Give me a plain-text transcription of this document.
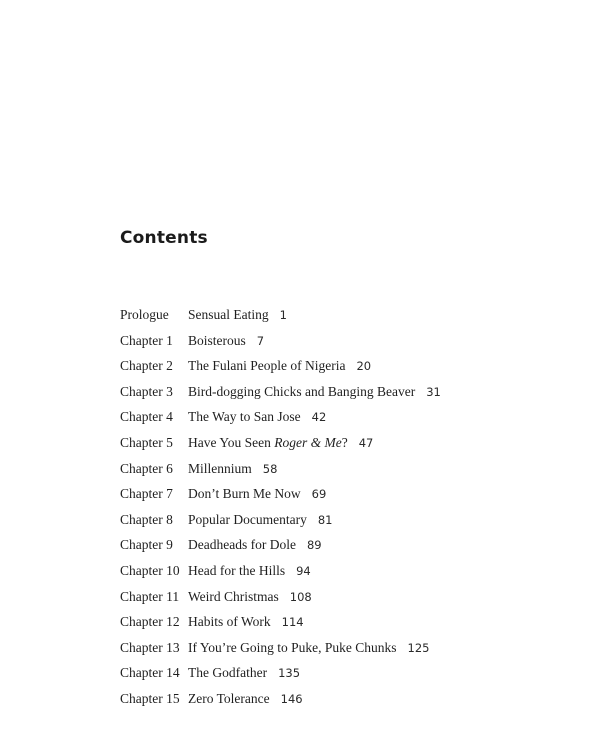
Contents
Prologue	Sensual Eating 1
Chapter 1	Boisterous 7
Chapter 2	The Fulani People of Nigeria 20
Chapter 3	Bird-dogging Chicks and Banging Beaver 31
Chapter 4	The Way to San Jose 42
Chapter 5	Have You Seen Roger & Me? 47
Chapter 6	Millennium 58
Chapter 7	Don’t Burn Me Now 69
Chapter 8	Popular Documentary 81
Chapter 9	Deadheads for Dole 89
Chapter 10 Head for the Hills 94
Chapter 11 Weird Christmas 108
Chapter 12 Habits of Work 114
Chapter 13 If You’re Going to Puke, Puke Chunks 125
Chapter 14 The Godfather 135
Chapter 15 Zero Tolerance 146
